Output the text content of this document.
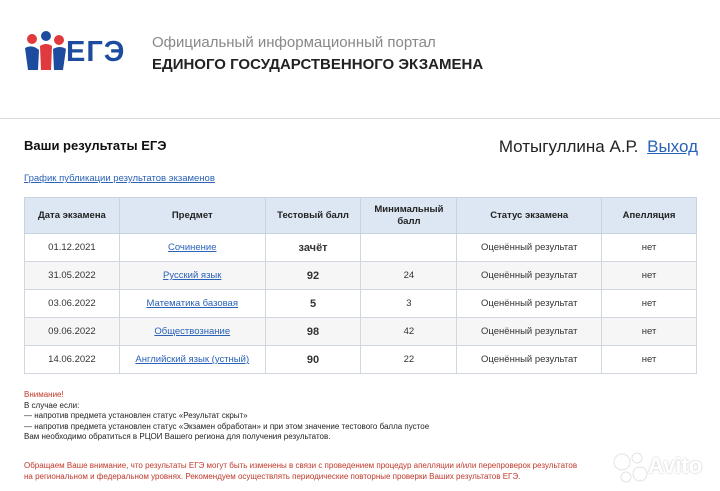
ЕГЭ Официальный информационный портал
ЕДИНОГО ГОСУДАРСТВЕННОГО ЭКЗАМЕНА
Ваши результаты ЕГЭ	Мотыгуллина А.Р. Выход
График публикации результатов экзаменов
Дата экзамена	Предмет	Тестовый балл	Минимальный балл	Статус экзамена	Апелляция
01.12.2021	Сочинение	зачёт		Оценённый результат	нет
31.05.2022	Русский язык	92	24	Оценённый результат	нет
03.06.2022	Математика базовая	5	3	Оценённый результат	нет
09.06.2022	Обществознание	98	42	Оценённый результат	нет
14.06.2022	Английский язык (устный)	90	22	Оценённый результат	нет
Внимание!
В случае если:
— напротив предмета установлен статус «Результат скрыт»
— напротив предмета установлен статус «Экзамен обработан» и при этом значение тестового балла пустое
Вам необходимо обратиться в РЦОИ Вашего региона для получения результатов.
Обращаем Ваше внимание, что результаты ЕГЭ могут быть изменены в связи с проведением процедур апелляции и/или перепроверок результатов
на региональном и федеральном уровнях. Рекомендуем осуществлять периодические повторные проверки Ваших результатов ЕГЭ.	Avito
